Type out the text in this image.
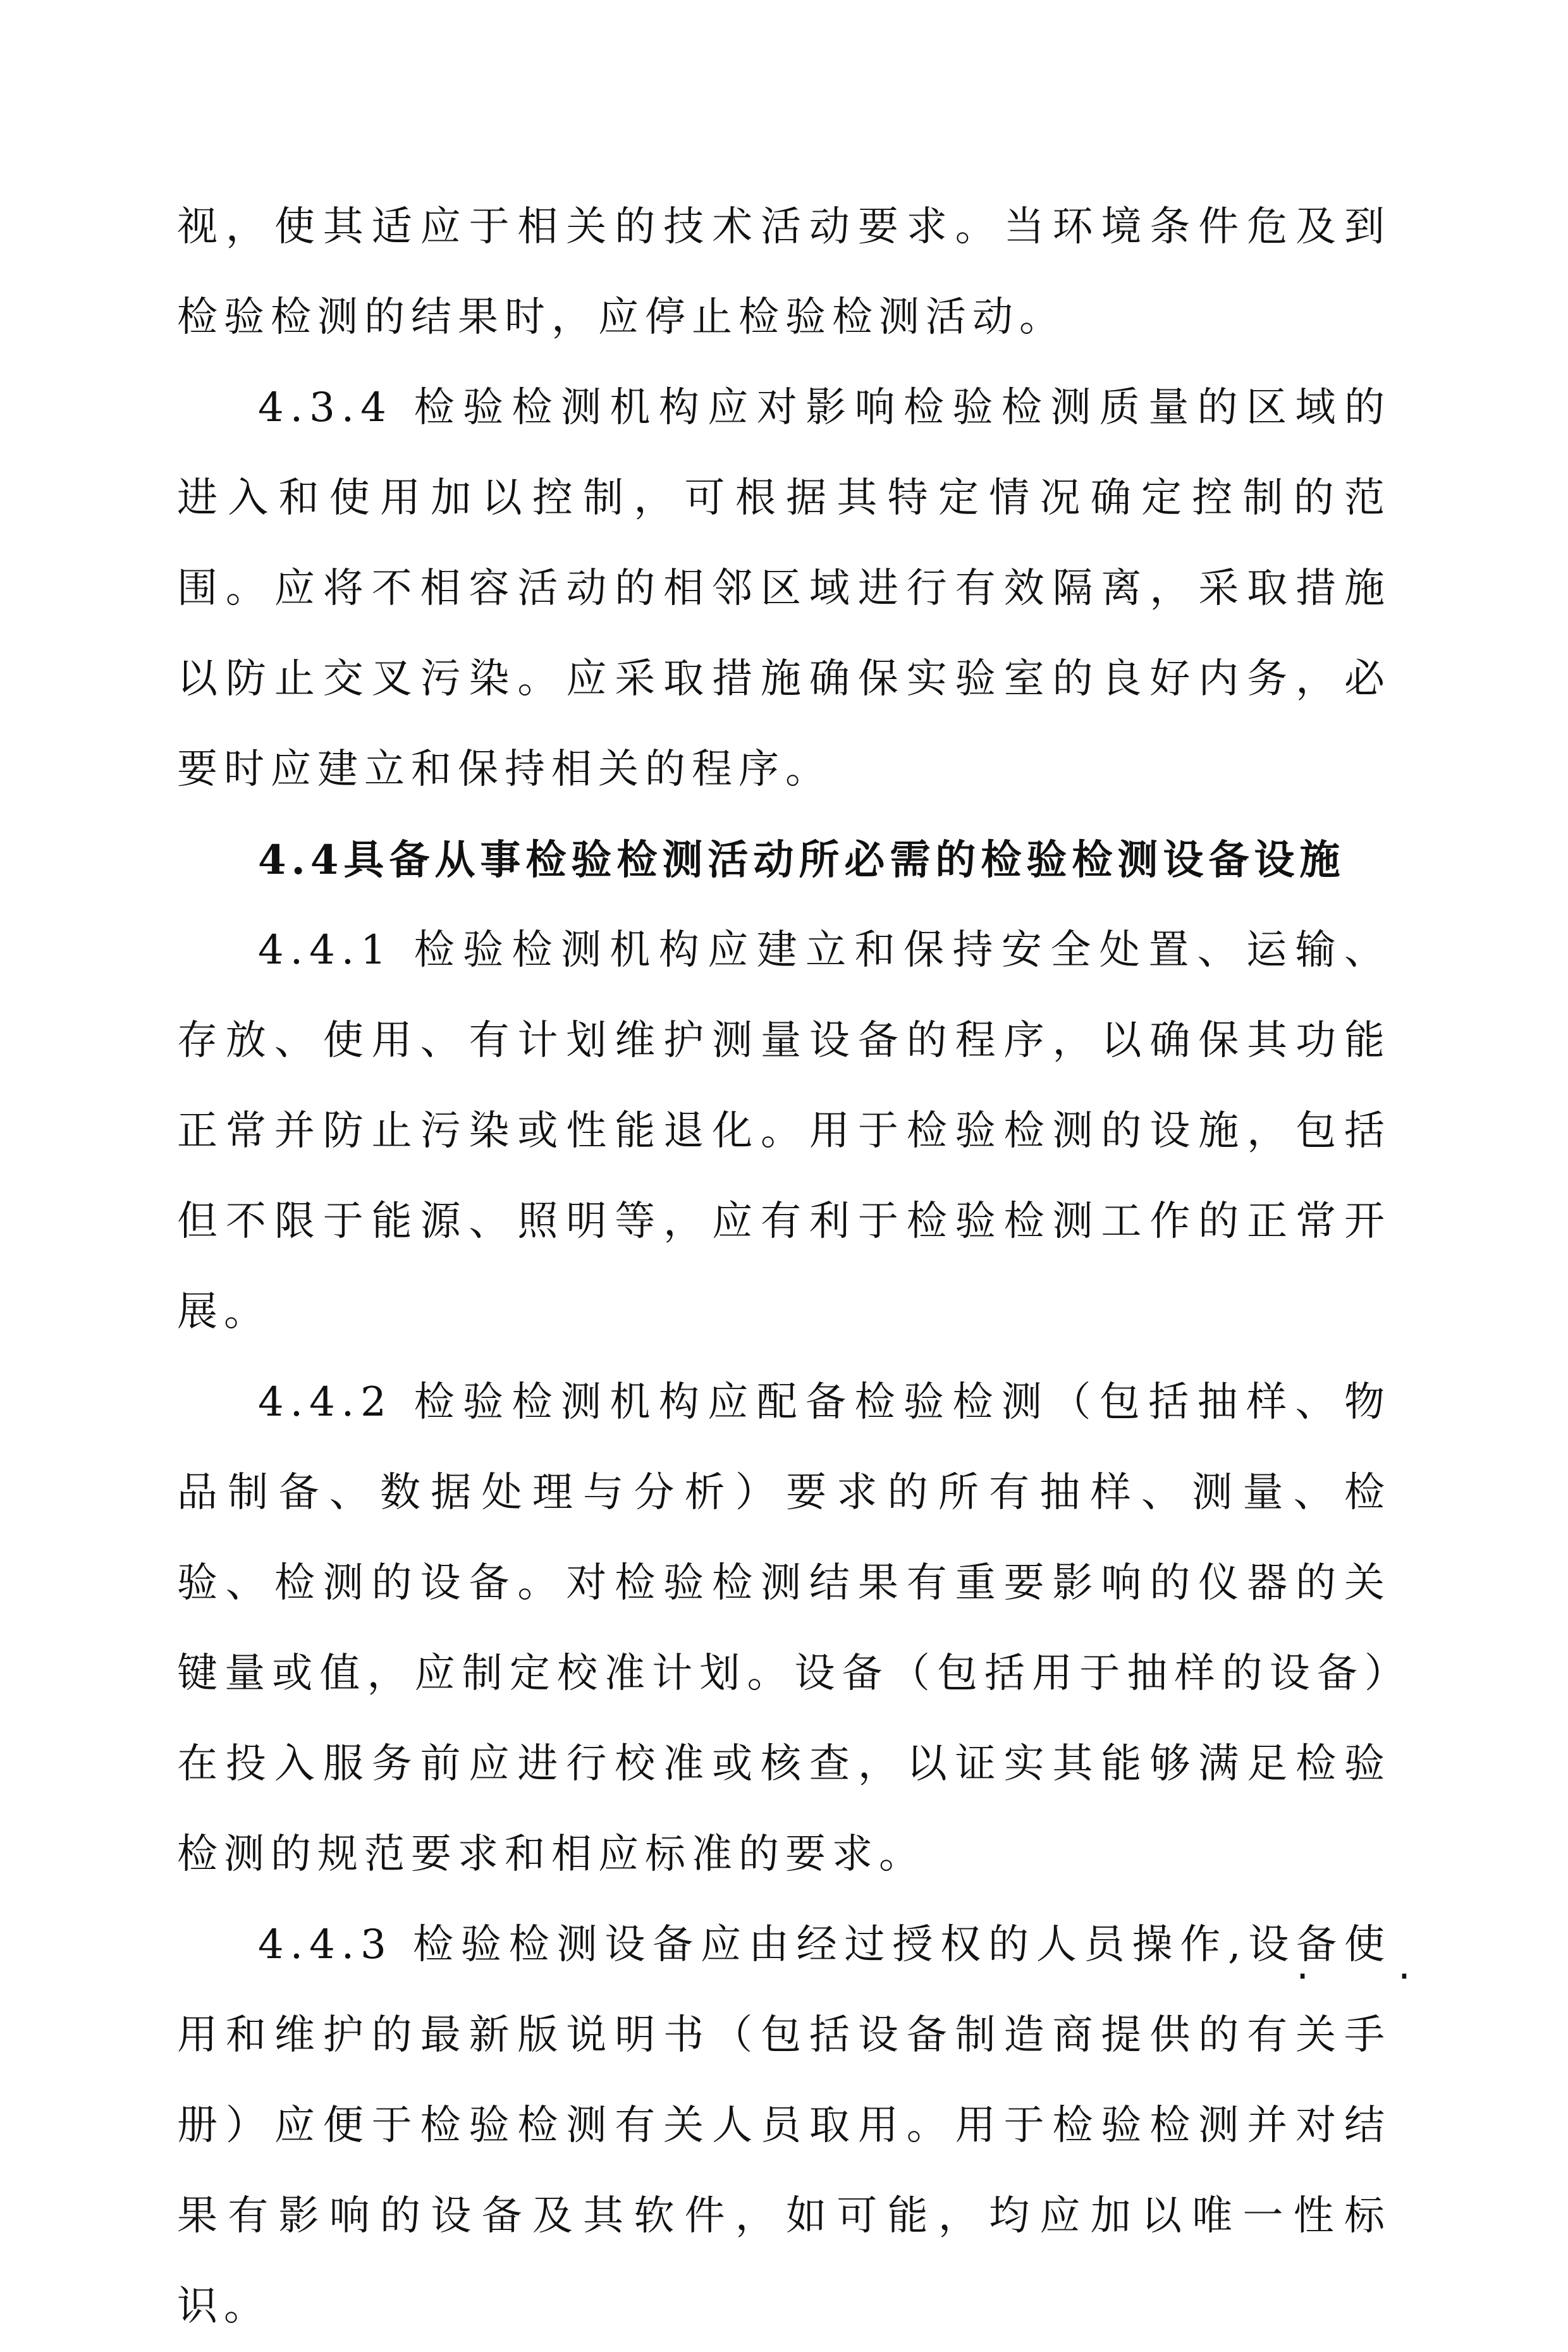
视，使其适应于相关的技术活动要求。当环境条件危及到检验检测的结果时，应停止检验检测活动。

4.3.4 检验检测机构应对影响检验检测质量的区域的进入和使用加以控制，可根据其特定情况确定控制的范围。应将不相容活动的相邻区域进行有效隔离，采取措施以防止交叉污染。应采取措施确保实验室的良好内务，必要时应建立和保持相关的程序。

4.4具备从事检验检测活动所必需的检验检测设备设施

4.4.1 检验检测机构应建立和保持安全处置、运输、存放、使用、有计划维护测量设备的程序，以确保其功能正常并防止污染或性能退化。用于检验检测的设施，包括但不限于能源、照明等，应有利于检验检测工作的正常开展。

4.4.2 检验检测机构应配备检验检测（包括抽样、物品制备、数据处理与分析）要求的所有抽样、测量、检验、检测的设备。对检验检测结果有重要影响的仪器的关键量或值，应制定校准计划。设备（包括用于抽样的设备）在投入服务前应进行校准或核查，以证实其能够满足检验检测的规范要求和相应标准的要求。

4.4.3 检验检测设备应由经过授权的人员操作,设备使用和维护的最新版说明书（包括设备制造商提供的有关手册）应便于检验检测有关人员取用。用于检验检测并对结果有影响的设备及其软件，如可能，均应加以唯一性标识。

· ·
